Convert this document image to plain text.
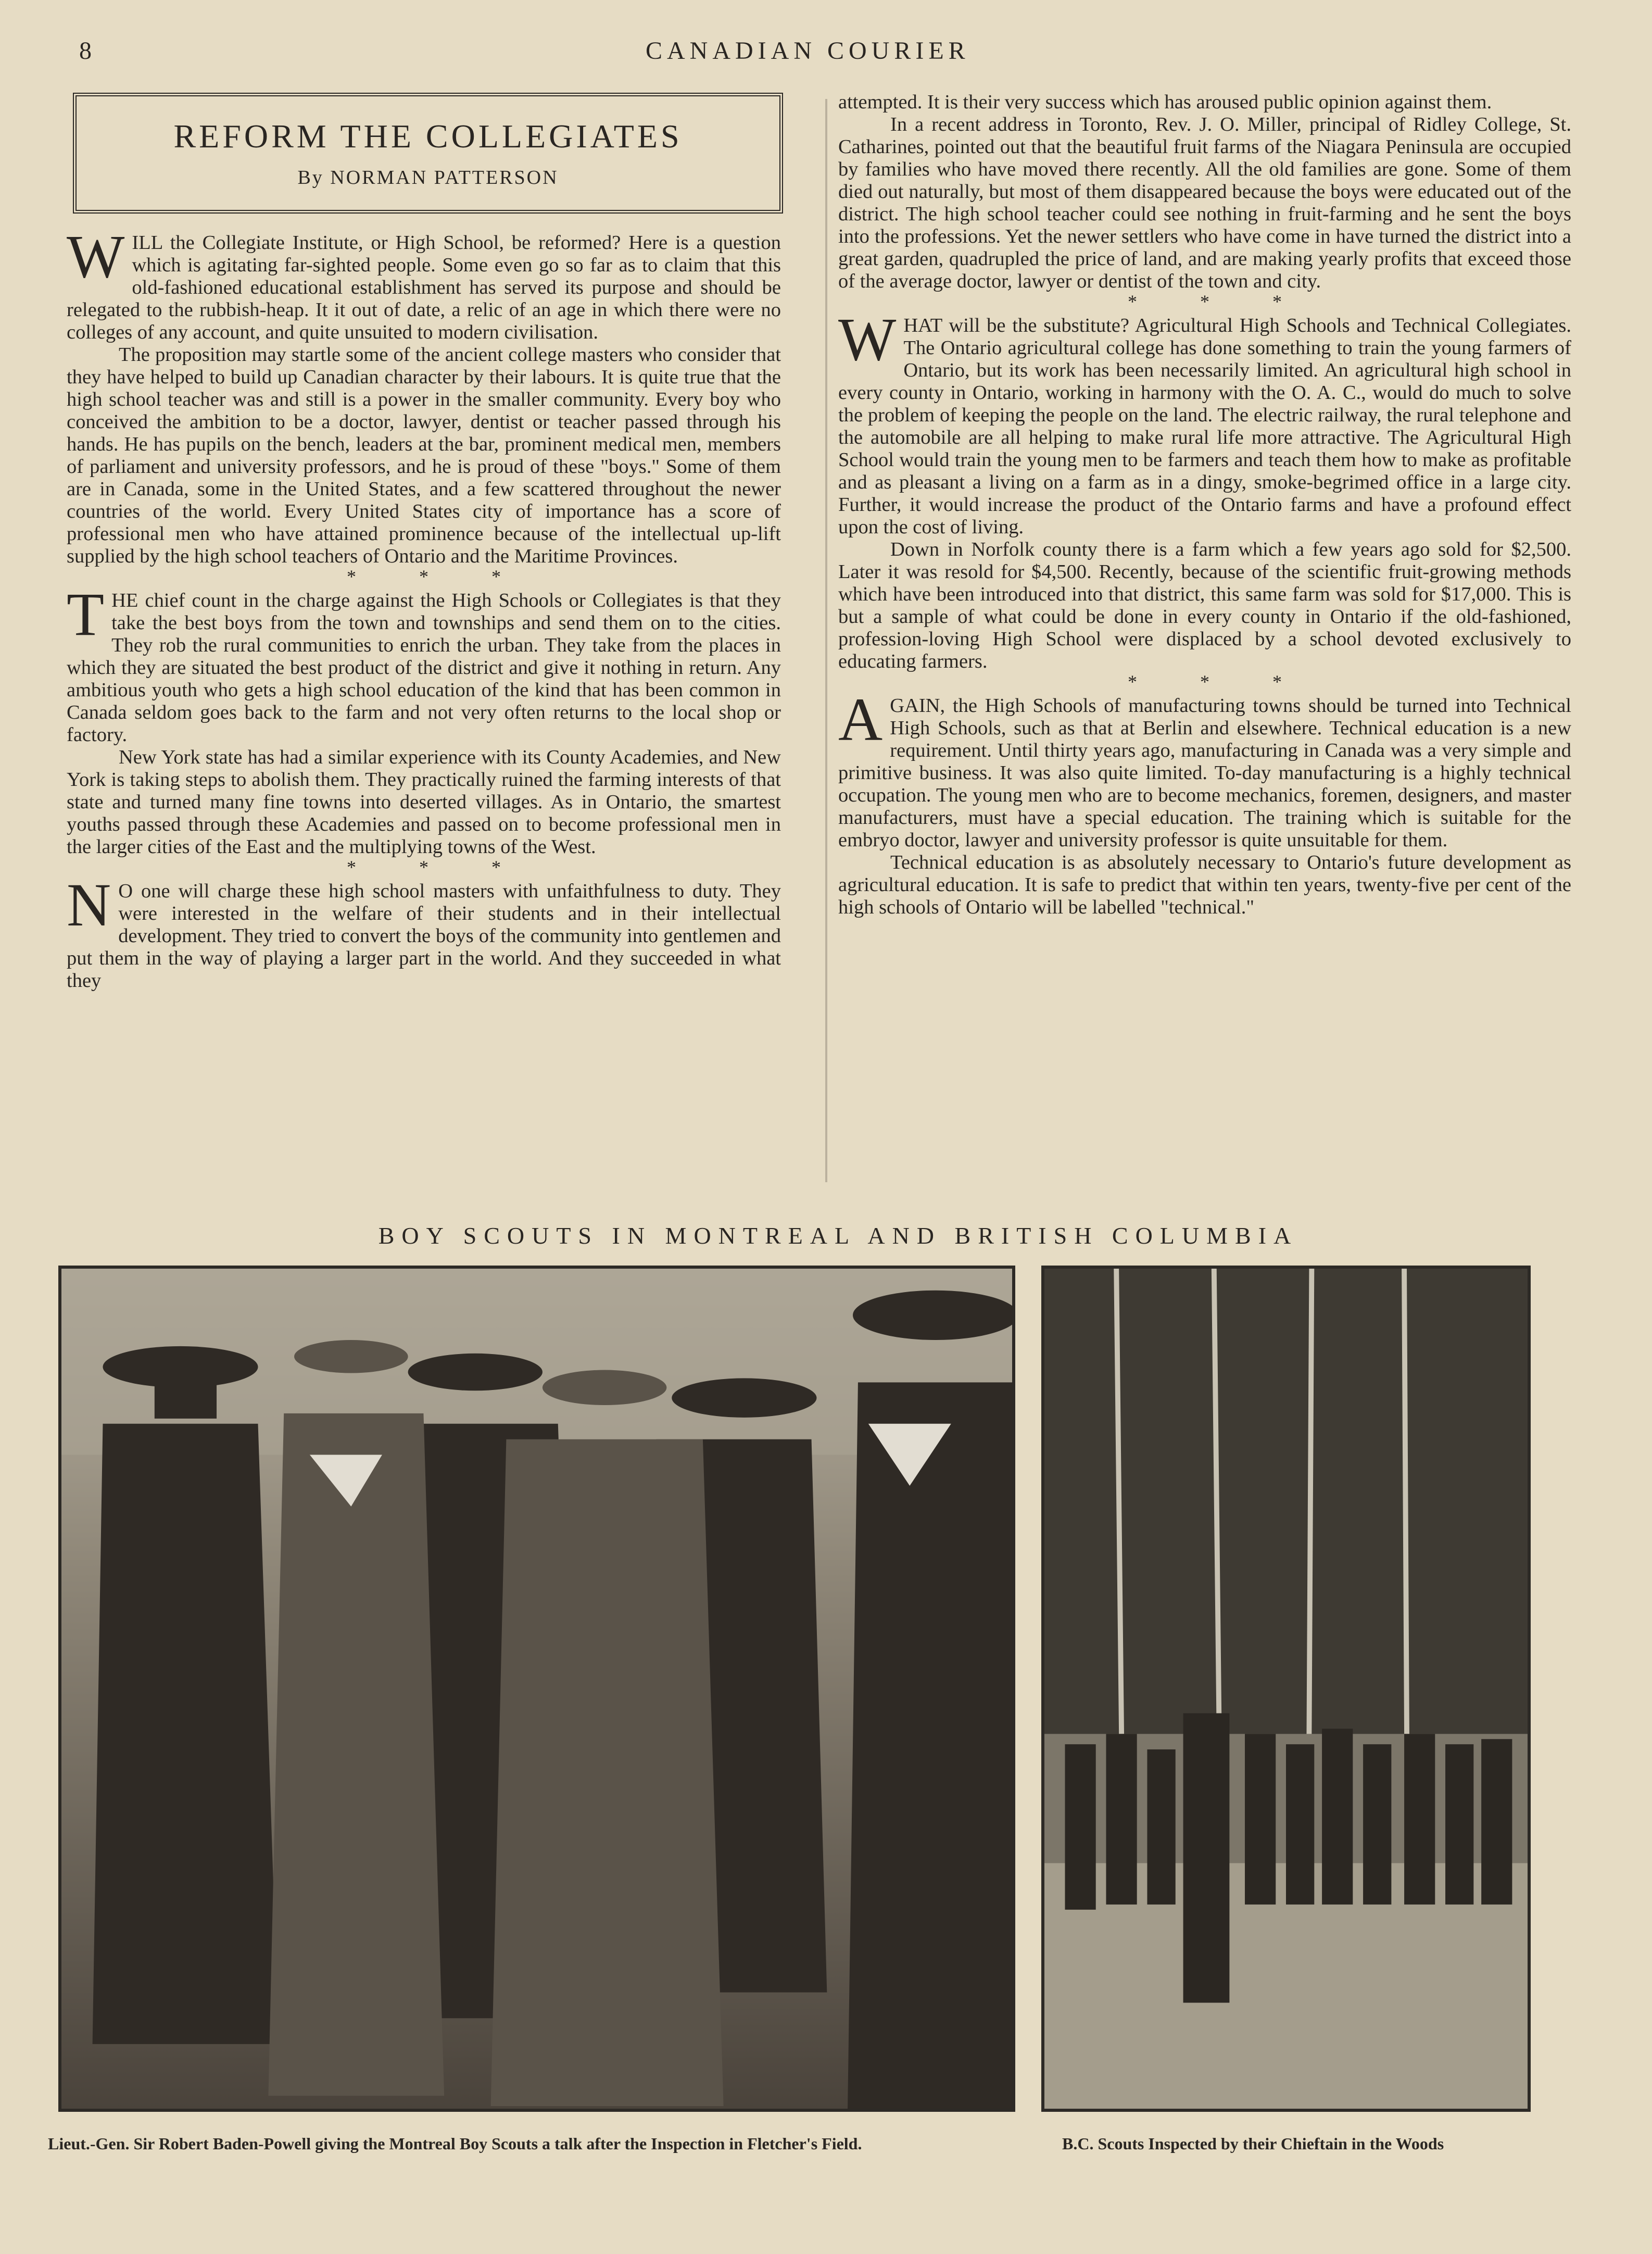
8	CANADIAN COURIER
REFORM THE COLLEGIATES
By NORMAN PATTERSON

WILL the Collegiate Institute, or High School, be reformed? Here is a question which is agitating far-sighted people. Some even go so far as to claim that this old-fashioned educational establishment has served its purpose and should be relegated to the rubbish-heap. It it out of date, a relic of an age in which there were no colleges of any account, and quite unsuited to modern civilisation.

The proposition may startle some of the ancient college masters who consider that they have helped to build up Canadian character by their labours. It is quite true that the high school teacher was and still is a power in the smaller community. Every boy who conceived the ambition to be a doctor, lawyer, dentist or teacher passed through his hands. He has pupils on the bench, leaders at the bar, prominent medical men, members of parliament and university professors, and he is proud of these "boys." Some of them are in Canada, some in the United States, and a few scattered throughout the newer countries of the world. Every United States city of importance has a score of professional men who have attained prominence because of the intellectual up-lift supplied by the high school teachers of Ontario and the Maritime Provinces.

* * *

THE chief count in the charge against the High Schools or Collegiates is that they take the best boys from the town and townships and send them on to the cities. They rob the rural communities to enrich the urban. They take from the places in which they are situated the best product of the district and give it nothing in return. Any ambitious youth who gets a high school education of the kind that has been common in Canada seldom goes back to the farm and not very often returns to the local shop or factory.

New York state has had a similar experience with its County Academies, and New York is taking steps to abolish them. They practically ruined the farming interests of that state and turned many fine towns into deserted villages. As in Ontario, the smartest youths passed through these Academies and passed on to become professional men in the larger cities of the East and the multiplying towns of the West.

* * *

NO one will charge these high school masters with unfaithfulness to duty. They were interested in the welfare of their students and in their intellectual development. They tried to convert the boys of the community into gentlemen and put them in the way of playing a larger part in the world. And they succeeded in what they

attempted. It is their very success which has aroused public opinion against them.

In a recent address in Toronto, Rev. J. O. Miller, principal of Ridley College, St. Catharines, pointed out that the beautiful fruit farms of the Niagara Peninsula are occupied by families who have moved there recently. All the old families are gone. Some of them died out naturally, but most of them disappeared because the boys were educated out of the district. The high school teacher could see nothing in fruit-farming and he sent the boys into the professions. Yet the newer settlers who have come in have turned the district into a great garden, quadrupled the price of land, and are making yearly profits that exceed those of the average doctor, lawyer or dentist of the town and city.

* * *

WHAT will be the substitute? Agricultural High Schools and Technical Collegiates. The Ontario agricultural college has done something to train the young farmers of Ontario, but its work has been necessarily limited. An agricultural high school in every county in Ontario, working in harmony with the O. A. C., would do much to solve the problem of keeping the people on the land. The electric railway, the rural telephone and the automobile are all helping to make rural life more attractive. The Agricultural High School would train the young men to be farmers and teach them how to make as profitable and as pleasant a living on a farm as in a dingy, smoke-begrimed office in a large city. Further, it would increase the product of the Ontario farms and have a profound effect upon the cost of living.

Down in Norfolk county there is a farm which a few years ago sold for $2,500. Later it was resold for $4,500. Recently, because of the scientific fruit-growing methods which have been introduced into that district, this same farm was sold for $17,000. This is but a sample of what could be done in every county in Ontario if the old-fashioned, profession-loving High School were displaced by a school devoted exclusively to educating farmers.

* * *

AGAIN, the High Schools of manufacturing towns should be turned into Technical High Schools, such as that at Berlin and elsewhere. Technical education is a new requirement. Until thirty years ago, manufacturing in Canada was a very simple and primitive business. It was also quite limited. To-day manufacturing is a highly technical occupation. The young men who are to become mechanics, foremen, designers, and master manufacturers, must have a special education. The training which is suitable for the embryo doctor, lawyer and university professor is quite unsuitable for them.

Technical education is as absolutely necessary to Ontario's future development as agricultural education. It is safe to predict that within ten years, twenty-five per cent of the high schools of Ontario will be labelled "technical."

BOY SCOUTS IN MONTREAL AND BRITISH COLUMBIA
Lieut.-Gen. Sir Robert Baden-Powell giving the Montreal Boy Scouts a talk after the Inspection in Fletcher's Field.	B.C. Scouts Inspected by their Chieftain in the Woods
